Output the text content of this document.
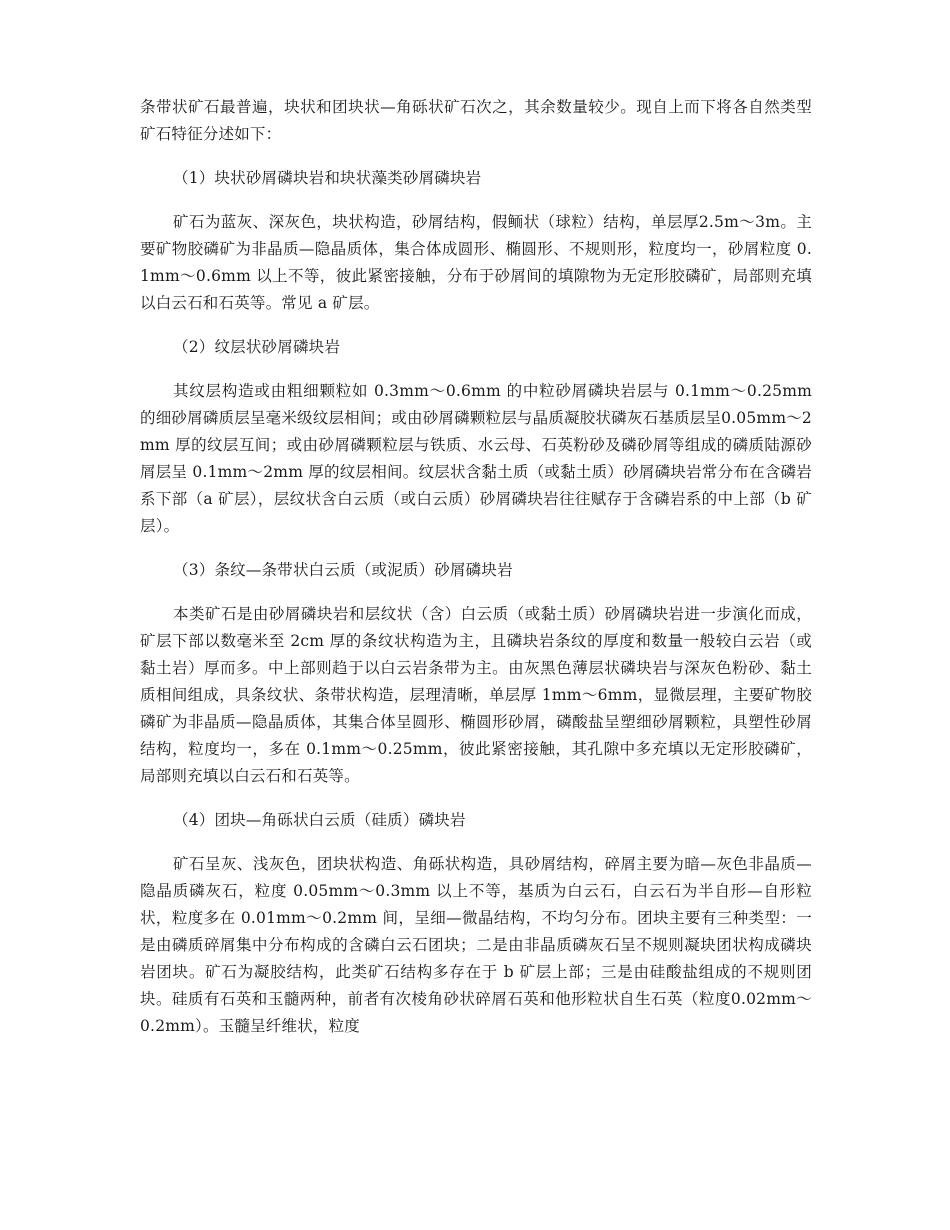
条带状矿石最普遍，块状和团块状—角砾状矿石次之，其余数量较少。现自上而下将各自然类型矿石特征分述如下：

（1）块状砂屑磷块岩和块状藻类砂屑磷块岩

矿石为蓝灰、深灰色，块状构造，砂屑结构，假鲕状（球粒）结构，单层厚2.5m～3m。主要矿物胶磷矿为非晶质—隐晶质体，集合体成圆形、椭圆形、不规则形，粒度均一，砂屑粒度 0.1mm～0.6mm 以上不等，彼此紧密接触，分布于砂屑间的填隙物为无定形胶磷矿，局部则充填以白云石和石英等。常见 a 矿层。

（2）纹层状砂屑磷块岩

其纹层构造或由粗细颗粒如 0.3mm～0.6mm 的中粒砂屑磷块岩层与 0.1mm～0.25mm 的细砂屑磷质层呈毫米级纹层相间；或由砂屑磷颗粒层与晶质凝胶状磷灰石基质层呈0.05mm～2mm 厚的纹层互间；或由砂屑磷颗粒层与铁质、水云母、石英粉砂及磷砂屑等组成的磷质陆源砂屑层呈 0.1mm～2mm 厚的纹层相间。纹层状含黏土质（或黏土质）砂屑磷块岩常分布在含磷岩系下部（a 矿层），层纹状含白云质（或白云质）砂屑磷块岩往往赋存于含磷岩系的中上部（b 矿层）。

（3）条纹—条带状白云质（或泥质）砂屑磷块岩

本类矿石是由砂屑磷块岩和层纹状（含）白云质（或黏土质）砂屑磷块岩进一步演化而成，矿层下部以数毫米至 2cm 厚的条纹状构造为主，且磷块岩条纹的厚度和数量一般较白云岩（或黏土岩）厚而多。中上部则趋于以白云岩条带为主。由灰黑色薄层状磷块岩与深灰色粉砂、黏土质相间组成，具条纹状、条带状构造，层理清晰，单层厚 1mm～6mm，显微层理，主要矿物胶磷矿为非晶质—隐晶质体，其集合体呈圆形、椭圆形砂屑，磷酸盐呈塑细砂屑颗粒，具塑性砂屑结构，粒度均一，多在 0.1mm～0.25mm，彼此紧密接触，其孔隙中多充填以无定形胶磷矿，局部则充填以白云石和石英等。

（4）团块—角砾状白云质（硅质）磷块岩

矿石呈灰、浅灰色，团块状构造、角砾状构造，具砂屑结构，碎屑主要为暗—灰色非晶质—隐晶质磷灰石，粒度 0.05mm～0.3mm 以上不等，基质为白云石，白云石为半自形—自形粒状，粒度多在 0.01mm～0.2mm 间，呈细—微晶结构，不均匀分布。团块主要有三种类型：一是由磷质碎屑集中分布构成的含磷白云石团块；二是由非晶质磷灰石呈不规则凝块团状构成磷块岩团块。矿石为凝胶结构，此类矿石结构多存在于 b 矿层上部；三是由硅酸盐组成的不规则团块。硅质有石英和玉髓两种，前者有次棱角砂状碎屑石英和他形粒状自生石英（粒度0.02mm～0.2mm）。玉髓呈纤维状，粒度
